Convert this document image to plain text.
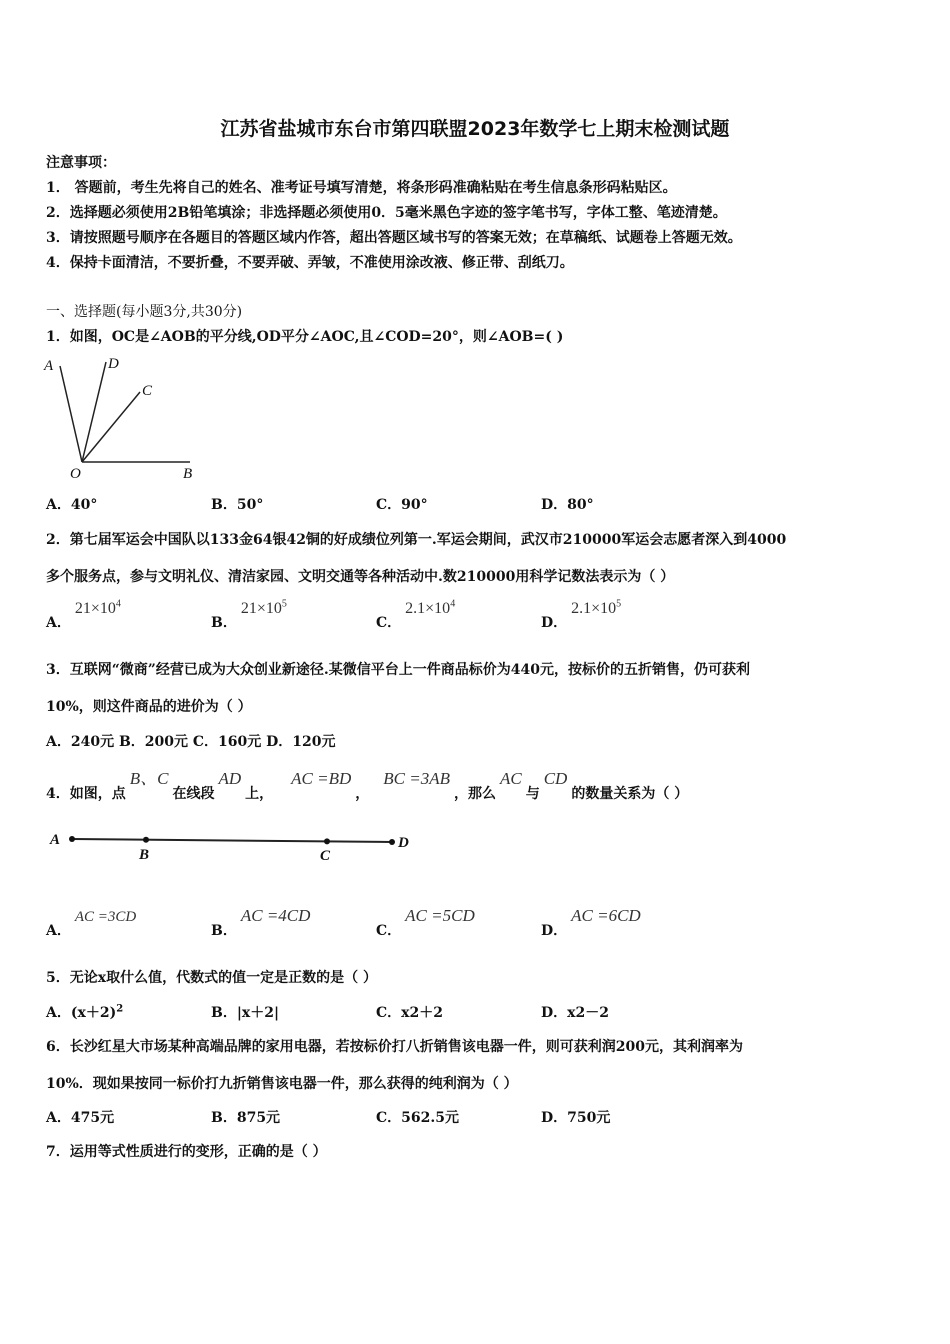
江苏省盐城市东台市第四联盟2023年数学七上期末检测试题
注意事项：
1． 答题前，考生先将自己的姓名、准考证号填写清楚，将条形码准确粘贴在考生信息条形码粘贴区。
2．选择题必须使用2B铅笔填涂；非选择题必须使用0．5毫米黑色字迹的签字笔书写，字体工整、笔迹清楚。
3．请按照题号顺序在各题目的答题区域内作答，超出答题区域书写的答案无效；在草稿纸、试题卷上答题无效。
4．保持卡面清洁，不要折叠，不要弄破、弄皱，不准使用涂改液、修正带、刮纸刀。
一、选择题(每小题3分,共30分)
1．如图，OC是∠AOB的平分线,OD平分∠AOC,且∠COD=20°，则∠AOB=( )
A	D
C
O	B
A．40°	B．50°	C．90°	D．80°
2．第七届军运会中国队以133金64银42铜的好成绩位列第一.军运会期间，武汉市210000军运会志愿者深入到4000
多个服务点，参与文明礼仪、清洁家园、文明交通等各种活动中.数210000用科学记数法表示为（ ）
A．$21\times 10^4$
B．$21\times 10^5$
C．$2.1\times 10^4$
D．$2.1\times 10^5$
3．互联网“微商”经营已成为大众创业新途径.某微信平台上一件商品标价为440元，按标价的五折销售，仍可获利
10%，则这件商品的进价为（ ）
A．240元 B．200元 C．160元 D．120元
4．如图，点B、C在线段AD上，AC =BD，BC =3AB，那么AC与CD的数量关系为（ ）
A
B	C
D
A．AC =3CD
B．AC =4CD
C．AC =5CD
D．AC =6CD
5．无论x取什么值，代数式的值一定是正数的是（ ）
A．$(x+2)^2$	B．|x＋2|	C．x2＋2	D．x2－2
6．长沙红星大市场某种高端品牌的家用电器，若按标价打八折销售该电器一件，则可获利润200元，其利润率为
10%．现如果按同一标价打九折销售该电器一件，那么获得的纯利润为（ ）
A．475元	B．875元	C．562.5元	D．750元
7．运用等式性质进行的变形，正确的是（ ）
